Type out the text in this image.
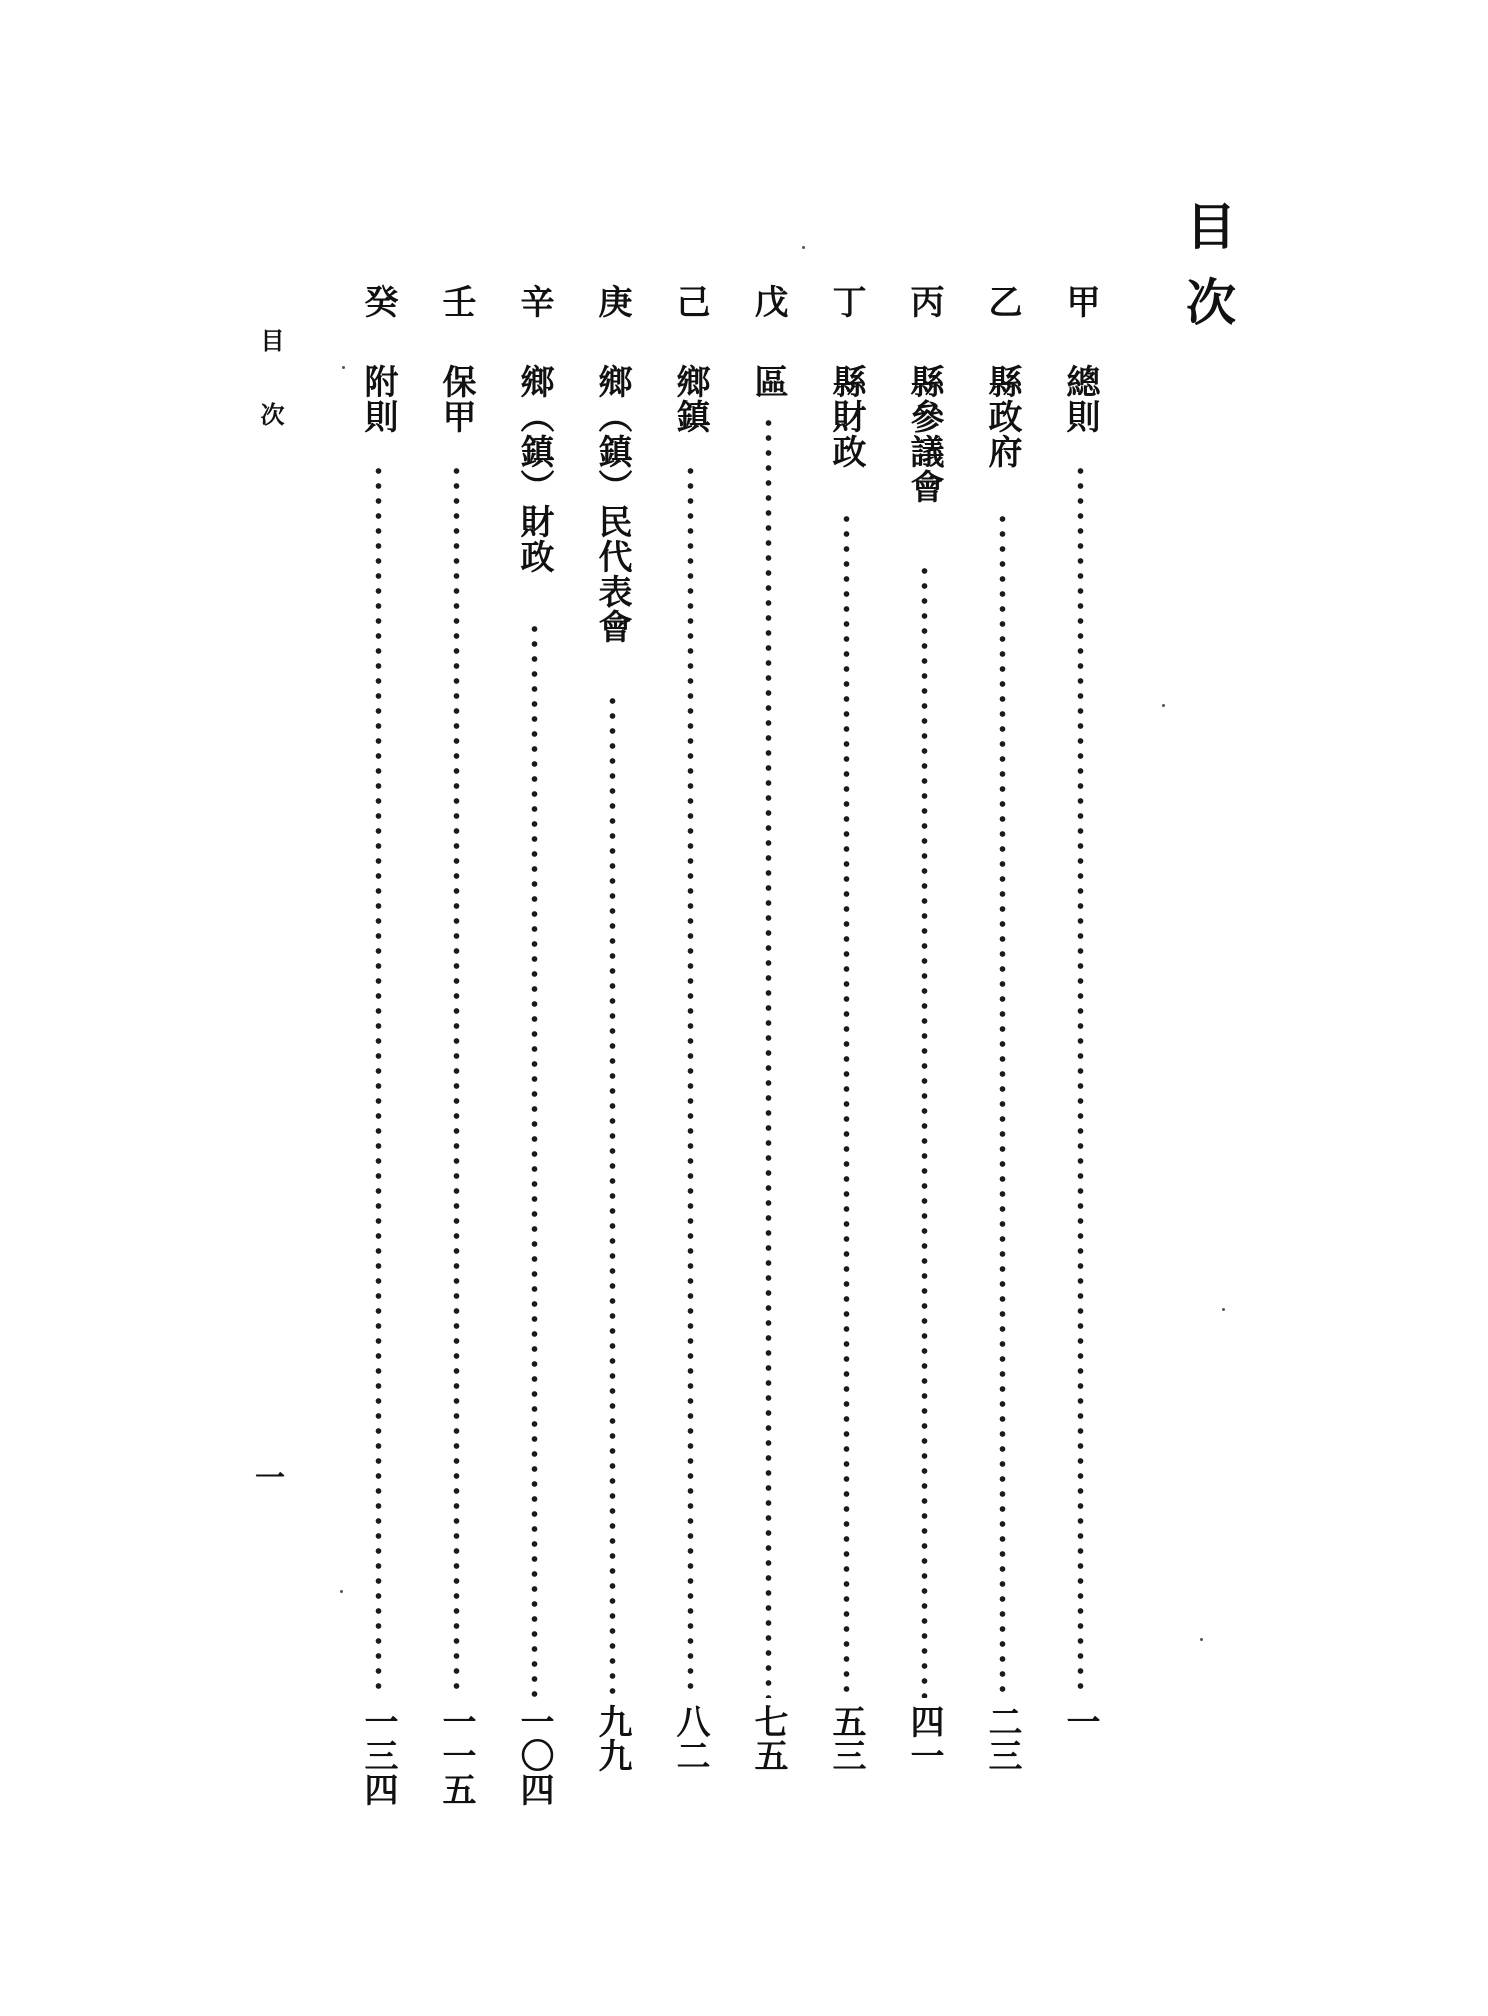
目次
甲
總則
一
乙
縣政府
二三
丙
縣參議會
四一
丁
縣財政
五三
戊
區
七五
己
鄉鎮
八二
庚
鄉（鎮）民代表會
九九
辛
鄉（鎮）財政
一〇四
壬
保甲
一一五
癸
附則
一三四
目次
一
